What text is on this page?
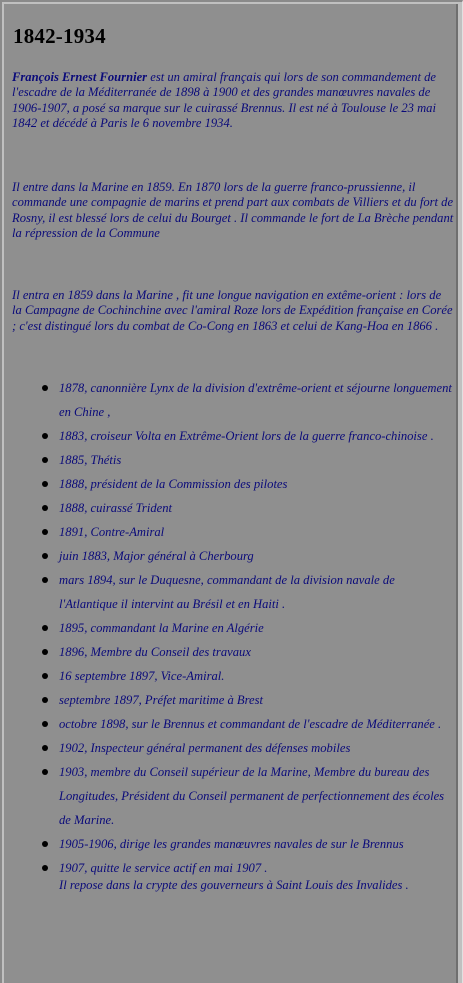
1842-1934

François Ernest Fournier est un amiral français qui lors de son commandement de l'escadre de la Méditerranée de 1898 à 1900 et des grandes manœuvres navales de 1906-1907, a posé sa marque sur le cuirassé Brennus. Il est né à Toulouse le 23 mai 1842 et décédé à Paris le 6 novembre 1934.

Il entre dans la Marine en 1859. En 1870 lors de la guerre franco-prussienne, il commande une compagnie de marins et prend part aux combats de Villiers et du fort de Rosny, il est blessé lors de celui du Bourget . Il commande le fort de La Brèche pendant la répression de la Commune

Il entra en 1859 dans la Marine , fit une longue navigation en extême-orient : lors de la Campagne de Cochinchine avec l'amiral Roze lors de Expédition française en Corée ; c'est distingué lors du combat de Co-Cong en 1863 et celui de Kang-Hoa en 1866 .

1878, canonnière Lynx de la division d'extrême-orient et séjourne longuement en Chine ,
1883, croiseur Volta en Extrême-Orient lors de la guerre franco-chinoise .
1885, Thétis
1888, président de la Commission des pilotes
1888, cuirassé Trident
1891, Contre-Amiral
juin 1883, Major général à Cherbourg
mars 1894, sur le Duquesne, commandant de la division navale de l'Atlantique il intervint au Brésil et en Haiti .
1895, commandant la Marine en Algérie
1896, Membre du Conseil des travaux
16 septembre 1897, Vice-Amiral.
septembre 1897, Préfet maritime à Brest
octobre 1898, sur le Brennus et commandant de l'escadre de Méditerranée .
1902, Inspecteur général permanent des défenses mobiles
1903, membre du Conseil supérieur de la Marine, Membre du bureau des Longitudes, Président du Conseil permanent de perfectionnement des écoles de Marine.
1905-1906, dirige les grandes manœuvres navales de sur le Brennus
1907, quitte le service actif en mai 1907 .
Il repose dans la crypte des gouverneurs à Saint Louis des Invalides .
